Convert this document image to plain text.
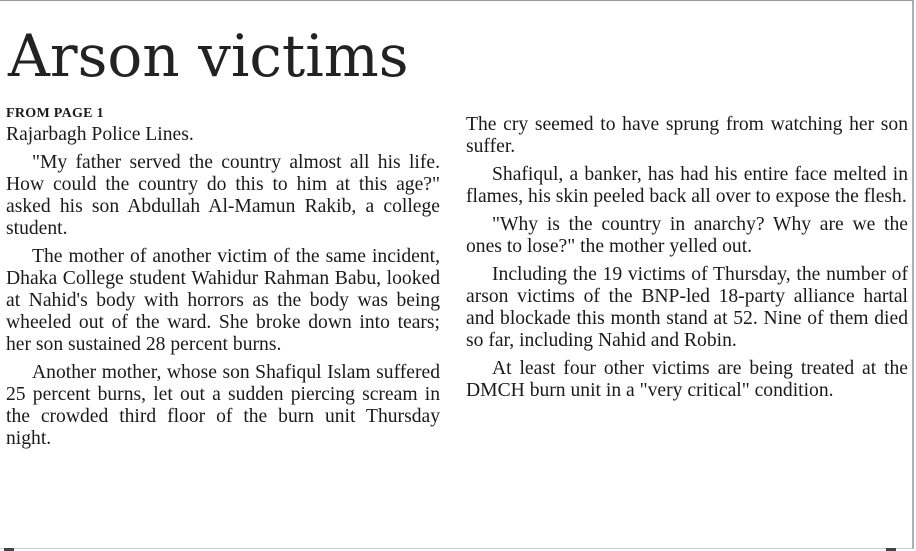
Arson victims
FROM PAGE 1

Rajarbagh Police Lines.

"My father served the country almost all his life. How could the country do this to him at this age?" asked his son Abdullah Al-Mamun Rakib, a college student.

The mother of another victim of the same incident, Dhaka College student Wahidur Rahman Babu, looked at Nahid's body with horrors as the body was being wheeled out of the ward. She broke down into tears; her son sustained 28 percent burns.

Another mother, whose son Shafiqul Islam suffered 25 percent burns, let out a sudden piercing scream in the crowded third floor of the burn unit Thursday night.

The cry seemed to have sprung from watching her son suffer.

Shafiqul, a banker, has had his entire face melted in flames, his skin peeled back all over to expose the flesh.

"Why is the country in anarchy? Why are we the ones to lose?" the mother yelled out.

Including the 19 victims of Thursday, the number of arson victims of the BNP-led 18-party alliance hartal and blockade this month stand at 52. Nine of them died so far, including Nahid and Robin.

At least four other victims are being treated at the DMCH burn unit in a "very critical" condition.
